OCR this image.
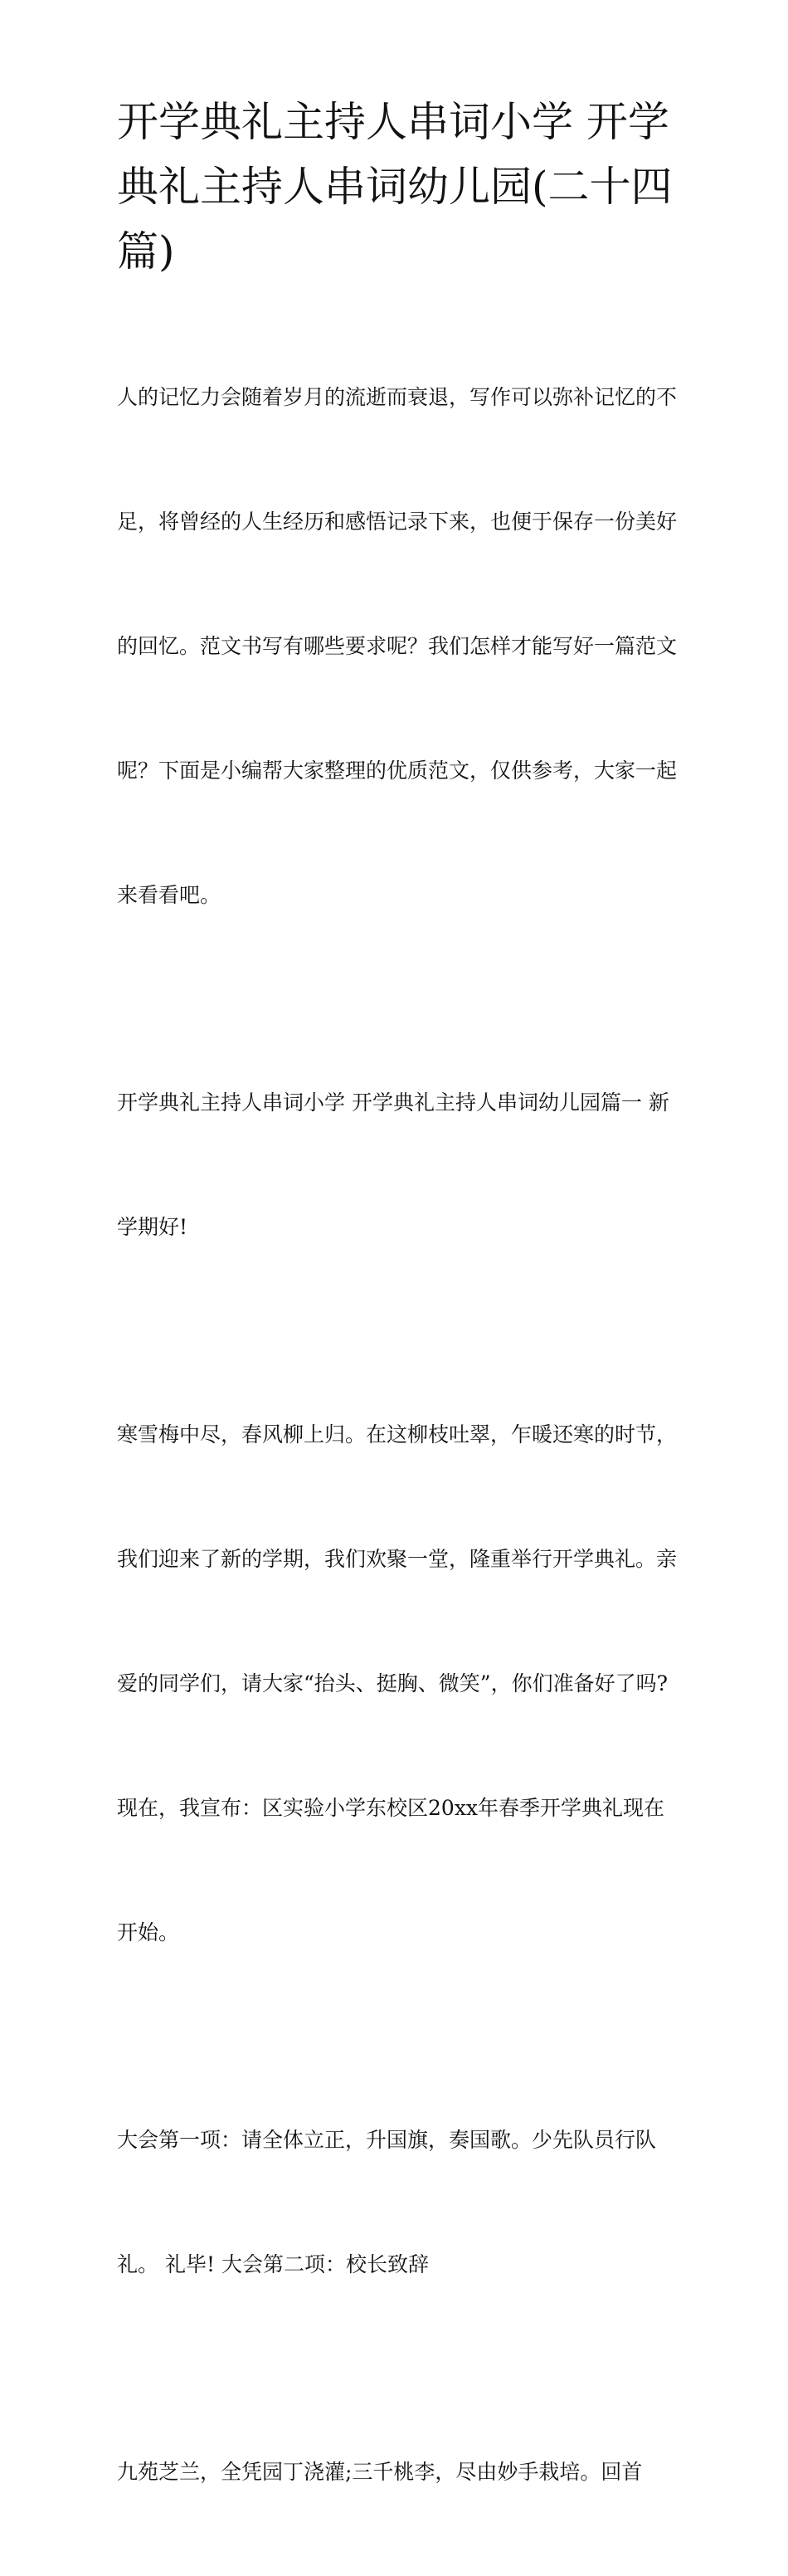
开学典礼主持人串词小学 开学
典礼主持人串词幼儿园(二十四
篇)

人的记忆力会随着岁月的流逝而衰退，写作可以弥补记忆的不

足，将曾经的人生经历和感悟记录下来，也便于保存一份美好

的回忆。范文书写有哪些要求呢？我们怎样才能写好一篇范文

呢？下面是小编帮大家整理的优质范文，仅供参考，大家一起

来看看吧。

开学典礼主持人串词小学 开学典礼主持人串词幼儿园篇一 新

学期好!

寒雪梅中尽，春风柳上归。在这柳枝吐翠，乍暖还寒的时节，

我们迎来了新的学期，我们欢聚一堂，隆重举行开学典礼。亲

爱的同学们，请大家“抬头、挺胸、微笑”，你们准备好了吗?

现在，我宣布：区实验小学东校区20xx年春季开学典礼现在

开始。

大会第一项：请全体立正，升国旗，奏国歌。少先队员行队

礼。 礼毕! 大会第二项：校长致辞

九苑芝兰，全凭园丁浇灌;三千桃李，尽由妙手栽培。回首
